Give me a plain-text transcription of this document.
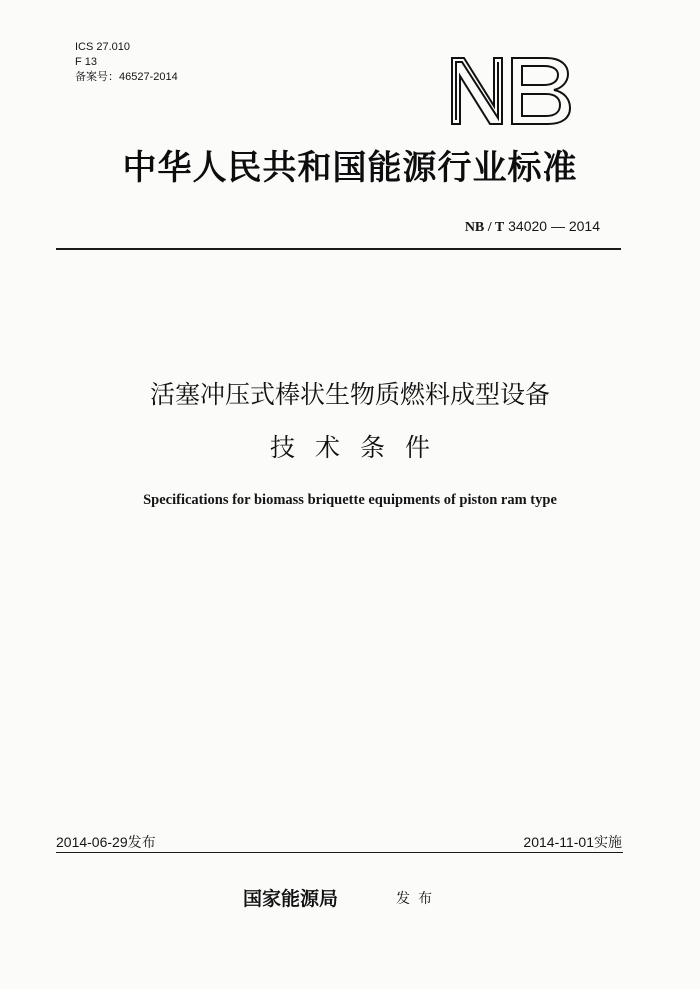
ICS 27.010
F 13
备案号：46527-2014
中华人民共和国能源行业标准
NB / T 34020 — 2014
活塞冲压式棒状生物质燃料成型设备
技术条件
Specifications for biomass briquette equipments of piston ram type
2014-06-29发布	2014-11-01实施
国家能源局	发布
